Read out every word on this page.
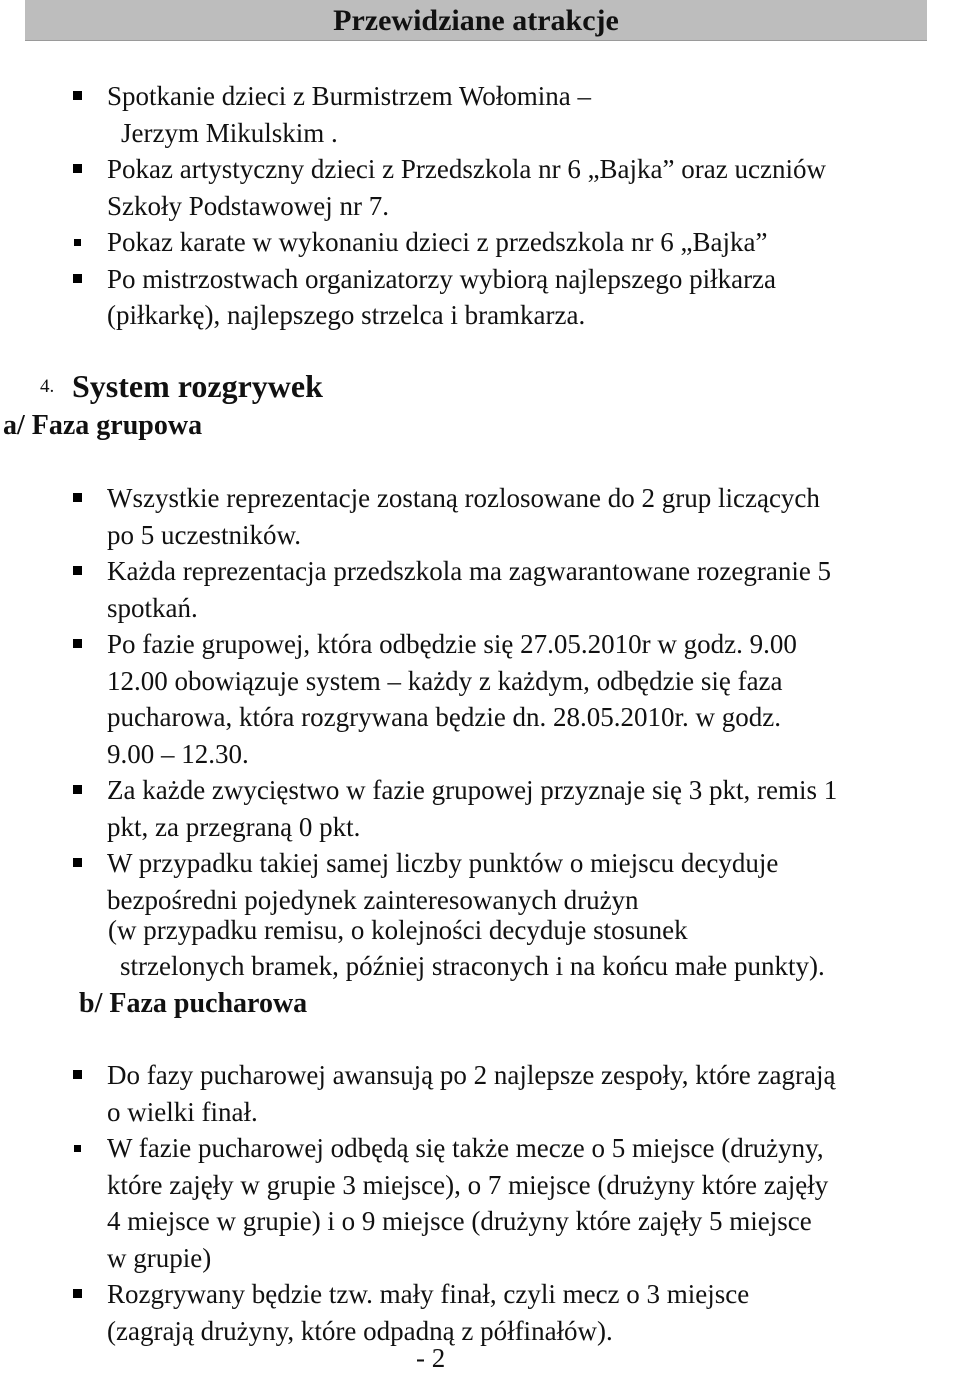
Przewidziane atrakcje
Spotkanie dzieci z Burmistrzem Wołomina –
Jerzym Mikulskim .
Pokaz artystyczny dzieci z Przedszkola nr 6 „Bajka” oraz uczniów
Szkoły Podstawowej nr 7.
Pokaz karate w wykonaniu dzieci z przedszkola nr 6 „Bajka”
Po mistrzostwach organizatorzy wybiorą najlepszego piłkarza
(piłkarkę), najlepszego strzelca i bramkarza.
4. System rozgrywek
a/ Faza grupowa
Wszystkie reprezentacje zostaną rozlosowane do 2 grup liczących
po 5 uczestników.
Każda reprezentacja przedszkola ma zagwarantowane rozegranie 5
spotkań.
Po fazie grupowej, która odbędzie się 27.05.2010r w godz. 9.00
12.00 obowiązuje system – każdy z każdym, odbędzie się faza
pucharowa, która rozgrywana będzie dn. 28.05.2010r. w godz.
9.00 – 12.30.
Za każde zwycięstwo w fazie grupowej przyznaje się 3 pkt, remis 1
pkt, za przegraną 0 pkt.
W przypadku takiej samej liczby punktów o miejscu decyduje
bezpośredni pojedynek zainteresowanych drużyn
(w przypadku remisu, o kolejności decyduje stosunek
strzelonych bramek, później straconych i na końcu małe punkty).
b/ Faza pucharowa
Do fazy pucharowej awansują po 2 najlepsze zespoły, które zagrają
o wielki finał.
W fazie pucharowej odbędą się także mecze o 5 miejsce (drużyny,
które zajęły w grupie 3 miejsce), o 7 miejsce (drużyny które zajęły
4 miejsce w grupie) i o 9 miejsce (drużyny które zajęły 5 miejsce
w grupie)
Rozgrywany będzie tzw. mały finał, czyli mecz o 3 miejsce
(zagrają drużyny, które odpadną z półfinałów).
- 2
